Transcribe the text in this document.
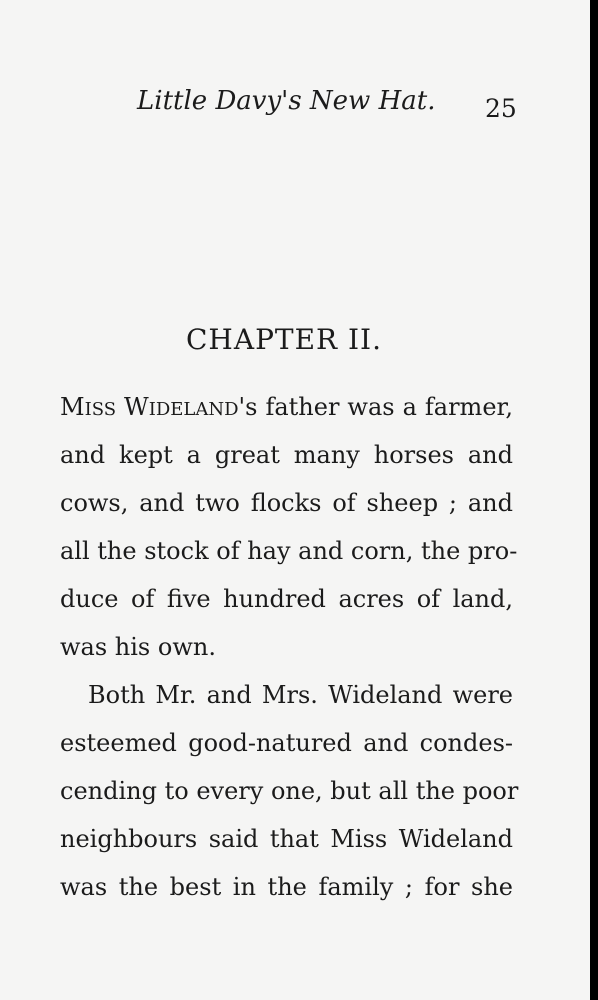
Little Davy's New Hat. 25
CHAPTER II.
MISS WIDELAND's father was a farmer,
and kept a great many horses and
cows, and two flocks of sheep ; and
all the stock of hay and corn, the pro-
duce of five hundred acres of land,
was his own.
Both Mr. and Mrs. Wideland were
esteemed good-natured and condes-
cending to every one, but all the poor
neighbours said that Miss Wideland
was the best in the family ; for she
